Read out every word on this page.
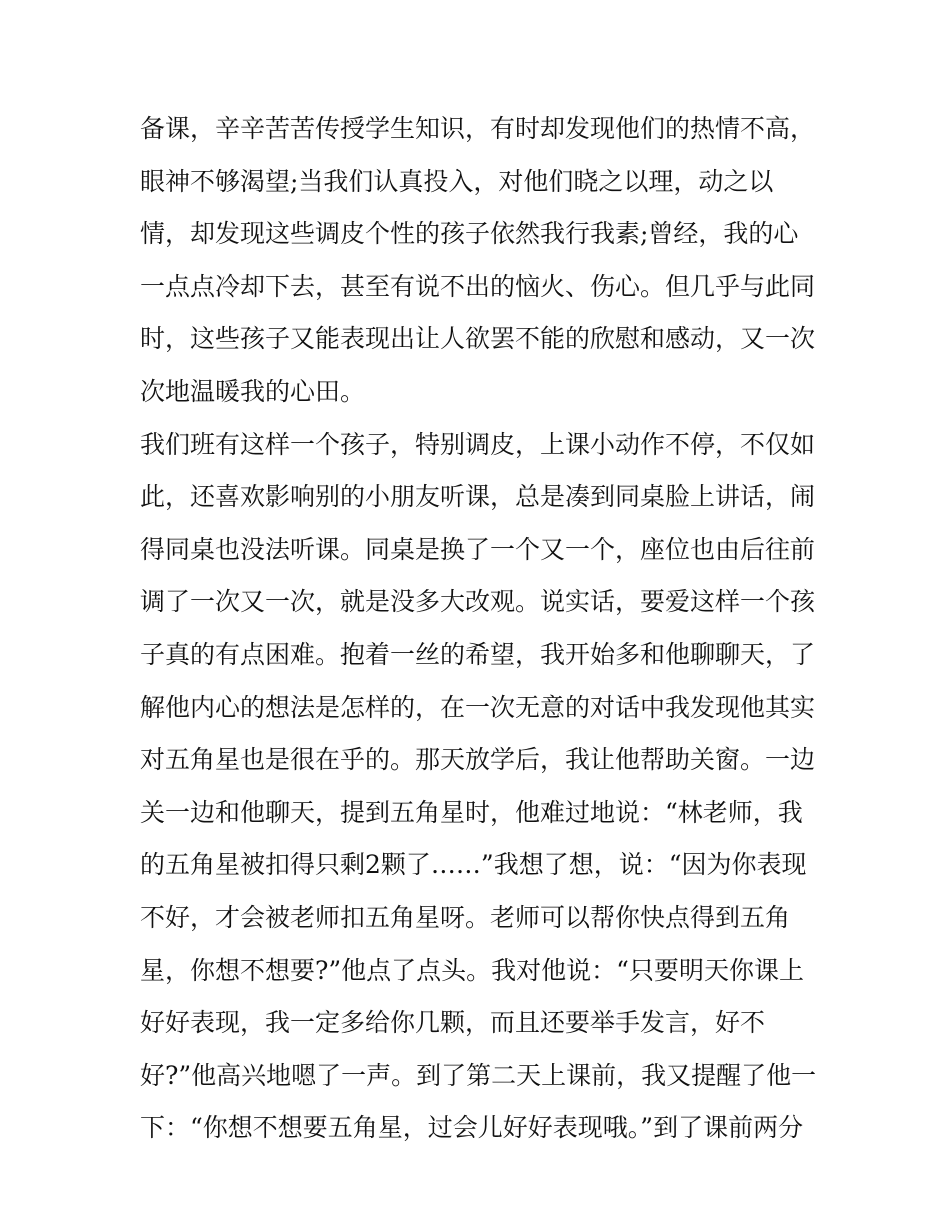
备课，辛辛苦苦传授学生知识，有时却发现他们的热情不高，
眼神不够渴望;当我们认真投入，对他们晓之以理，动之以
情，却发现这些调皮个性的孩子依然我行我素;曾经，我的心
一点点冷却下去，甚至有说不出的恼火、伤心。但几乎与此同
时，这些孩子又能表现出让人欲罢不能的欣慰和感动，又一次
次地温暖我的心田。
我们班有这样一个孩子，特别调皮，上课小动作不停，不仅如
此，还喜欢影响别的小朋友听课，总是凑到同桌脸上讲话，闹
得同桌也没法听课。同桌是换了一个又一个，座位也由后往前
调了一次又一次，就是没多大改观。说实话，要爱这样一个孩
子真的有点困难。抱着一丝的希望，我开始多和他聊聊天，了
解他内心的想法是怎样的，在一次无意的对话中我发现他其实
对五角星也是很在乎的。那天放学后，我让他帮助关窗。一边
关一边和他聊天，提到五角星时，他难过地说：“林老师，我
的五角星被扣得只剩2颗了……”我想了想，说：“因为你表现
不好，才会被老师扣五角星呀。老师可以帮你快点得到五角
星，你想不想要?”他点了点头。我对他说：“只要明天你课上
好好表现，我一定多给你几颗，而且还要举手发言，好不
好?”他高兴地嗯了一声。到了第二天上课前，我又提醒了他一
下：“你想不想要五角星，过会儿好好表现哦。”到了课前两分
